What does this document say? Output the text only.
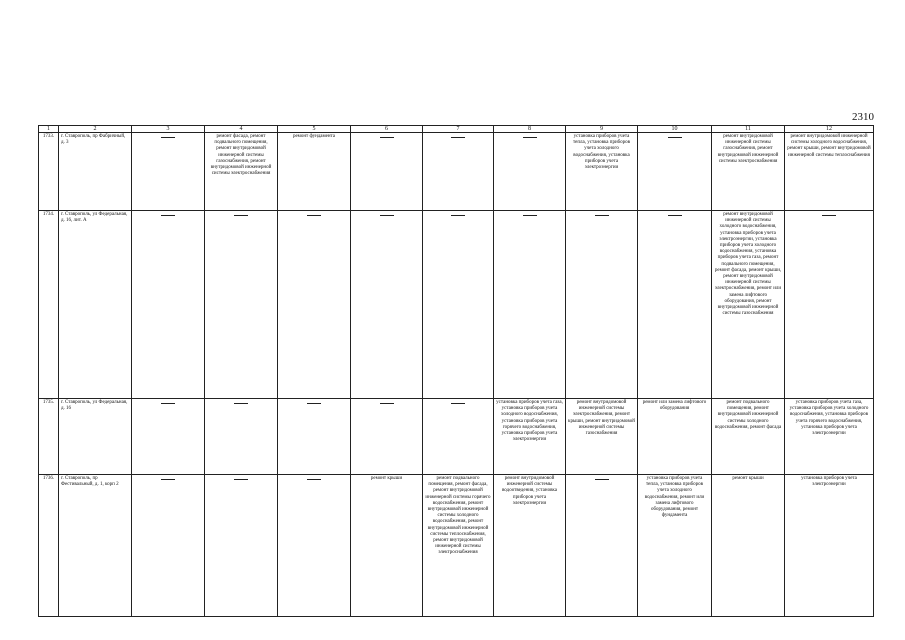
2310
1	2	3	4	5	6	7	8	9	10	11	12
1733.	г. Ставрополь, пр Фабричный, д. 3		ремонт фасада, ремонт подвального помещения, ремонт внутридомовой инженерной системы газоснабжения, ремонт внутридомовой инженерной системы электроснабжения	ремонт фундамента				установка приборов учета тепла, установка приборов учета холодного водоснабжения, установка приборов учета электроэнергии		ремонт внутридомовой инженерной системы газоснабжения, ремонт внутридомовой инженерной системы электроснабжения	ремонт внутридомовой инженерной системы холодного водоснабжения, ремонт крыши, ремонт внутридомовой инженерной системы теплоснабжения
1734.	г. Ставрополь, ул Федеральная, д. 16, лит. А									ремонт внутридомовой инженерной системы холодного водоснабжения, установка приборов учета электроэнергии, установка приборов учета холодного водоснабжения, установка приборов учета газа, ремонт подвального помещения, ремонт фасада, ремонт крыши, ремонт внутридомовой инженерной системы электроснабжения, ремонт или замена лифтового оборудования, ремонт внутридомовой инженерной системы газоснабжения	

1735.	г. Ставрополь, ул Федеральная, д. 16						установка приборов учета газа, установка приборов учета холодного водоснабжения, установка приборов учета горячего водоснабжения, установка приборов учета электроэнергии	ремонт внутридомовой инженерной системы электроснабжения, ремонт крыши, ремонт внутридомовой инженерной системы газоснабжения	ремонт или замена лифтового оборудования	ремонт подвального помещения, ремонт внутридомовой инженерной системы холодного водоснабжения, ремонт фасада	установка приборов учета газа, установка приборов учета холодного водоснабжения, установка приборов учета горячего водоснабжения, установка приборов учета электроэнергии
1736.	г. Ставрополь, пр Фестивальный, д. 1, корп 2				ремонт крыши	ремонт подвального помещения, ремонт фасада, ремонт внутридомовой инженерной системы горячего водоснабжения, ремонт внутридомовой инженерной системы холодного водоснабжения, ремонт внутридомовой инженерной системы теплоснабжения, ремонт внутридомовой инженерной системы электроснабжения	ремонт внутридомовой инженерной системы водоотведения, установка приборов учета электроэнергии		установка приборов учета тепла, установка приборов учета холодного водоснабжения, ремонт или замена лифтового оборудования, ремонт фундамента	ремонт крыши	установка приборов учета электроэнергии
